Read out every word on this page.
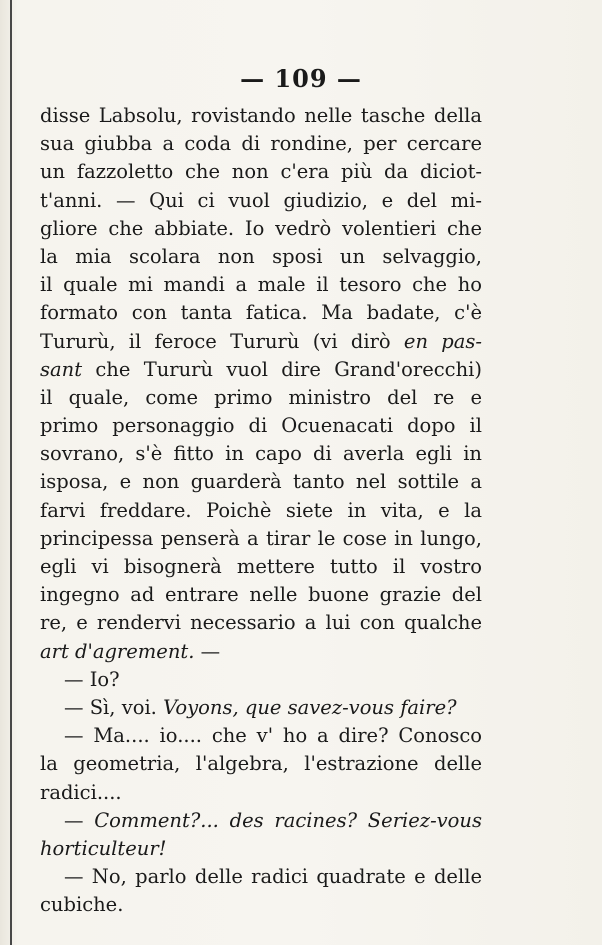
— 109 —
disse Labsolu, rovistando nelle tasche della
sua giubba a coda di rondine, per cercare
un fazzoletto che non c'era più da diciot-
t'anni. — Qui ci vuol giudizio, e del mi-
gliore che abbiate. Io vedrò volentieri che
la mia scolara non sposi un selvaggio,
il quale mi mandi a male il tesoro che ho
formato con tanta fatica. Ma badate, c'è
Tururù, il feroce Tururù (vi dirò en pas-
sant che Tururù vuol dire Grand'orecchi)
il quale, come primo ministro del re e
primo personaggio di Ocuenacati dopo il
sovrano, s'è fitto in capo di averla egli in
isposa, e non guarderà tanto nel sottile a
farvi freddare. Poichè siete in vita, e la
principessa penserà a tirar le cose in lungo,
egli vi bisognerà mettere tutto il vostro
ingegno ad entrare nelle buone grazie del
re, e rendervi necessario a lui con qualche
art d'agrement. —
— Io?
— Sì, voi. Voyons, que savez-vous faire?
— Ma.... io.... che v' ho a dire? Conosco
la geometria, l'algebra, l'estrazione delle
radici....
— Comment?... des racines? Seriez-vous
horticulteur!
— No, parlo delle radici quadrate e delle
cubiche.
